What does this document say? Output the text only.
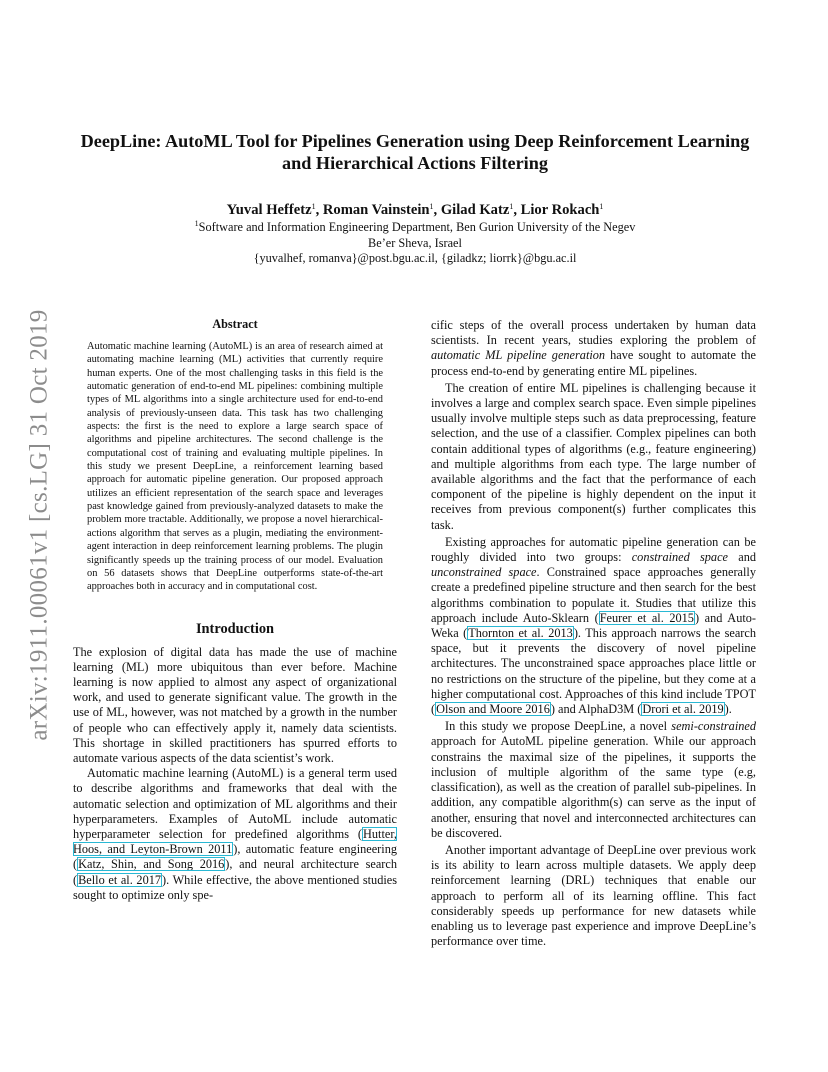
arXiv:1911.00061v1 [cs.LG] 31 Oct 2019
DeepLine: AutoML Tool for Pipelines Generation using Deep Reinforcement Learning and Hierarchical Actions Filtering

Yuval Heffetz$^1$, Roman Vainstein$^1$, Gilad Katz$^1$, Lior Rokach$^1$

$^1$Software and Information Engineering Department, Ben Gurion University of the Negev
Be’er Sheva, Israel
{yuvalhef, romanva}@post.bgu.ac.il, {giladkz; liorrk}@bgu.ac.il
Abstract

Automatic machine learning (AutoML) is an area of research aimed at automating machine learning (ML) activities that currently require human experts. One of the most challenging tasks in this field is the automatic generation of end-to-end ML pipelines: combining multiple types of ML algorithms into a single architecture used for end-to-end analysis of previously-unseen data. This task has two challenging aspects: the first is the need to explore a large search space of algorithms and pipeline architectures. The second challenge is the computational cost of training and evaluating multiple pipelines. In this study we present DeepLine, a reinforcement learning based approach for automatic pipeline generation. Our proposed approach utilizes an efficient representation of the search space and leverages past knowledge gained from previously-analyzed datasets to make the problem more tractable. Additionally, we propose a novel hierarchical-actions algorithm that serves as a plugin, mediating the environment-agent interaction in deep reinforcement learning problems. The plugin significantly speeds up the training process of our model. Evaluation on 56 datasets shows that DeepLine outperforms state-of-the-art approaches both in accuracy and in computational cost.

Introduction

The explosion of digital data has made the use of machine learning (ML) more ubiquitous than ever before. Machine learning is now applied to almost any aspect of organizational work, and used to generate significant value. The growth in the use of ML, however, was not matched by a growth in the number of people who can effectively apply it, namely data scientists. This shortage in skilled practitioners has spurred efforts to automate various aspects of the data scientist’s work.

Automatic machine learning (AutoML) is a general term used to describe algorithms and frameworks that deal with the automatic selection and optimization of ML algorithms and their hyperparameters. Examples of AutoML include automatic hyperparameter selection for predefined algorithms (Hutter, Hoos, and Leyton-Brown 2011), automatic feature engineering (Katz, Shin, and Song 2016), and neural architecture search (Bello et al. 2017). While effective, the above mentioned studies sought to optimize only spe-

cific steps of the overall process undertaken by human data scientists. In recent years, studies exploring the problem of automatic ML pipeline generation have sought to automate the process end-to-end by generating entire ML pipelines.

The creation of entire ML pipelines is challenging because it involves a large and complex search space. Even simple pipelines usually involve multiple steps such as data preprocessing, feature selection, and the use of a classifier. Complex pipelines can both contain additional types of algorithms (e.g., feature engineering) and multiple algorithms from each type. The large number of available algorithms and the fact that the performance of each component of the pipeline is highly dependent on the input it receives from previous component(s) further complicates this task.

Existing approaches for automatic pipeline generation can be roughly divided into two groups: constrained space and unconstrained space. Constrained space approaches generally create a predefined pipeline structure and then search for the best algorithms combination to populate it. Studies that utilize this approach include Auto-Sklearn (Feurer et al. 2015) and Auto-Weka (Thornton et al. 2013). This approach narrows the search space, but it prevents the discovery of novel pipeline architectures. The unconstrained space approaches place little or no restrictions on the structure of the pipeline, but they come at a higher computational cost. Approaches of this kind include TPOT (Olson and Moore 2016) and AlphaD3M (Drori et al. 2019).

In this study we propose DeepLine, a novel semi-constrained approach for AutoML pipeline generation. While our approach constrains the maximal size of the pipelines, it supports the inclusion of multiple algorithm of the same type (e.g, classification), as well as the creation of parallel sub-pipelines. In addition, any compatible algorithm(s) can serve as the input of another, ensuring that novel and interconnected architectures can be discovered.

Another important advantage of DeepLine over previous work is its ability to learn across multiple datasets. We apply deep reinforcement learning (DRL) techniques that enable our approach to perform all of its learning offline. This fact considerably speeds up performance for new datasets while enabling us to leverage past experience and improve DeepLine’s performance over time.
